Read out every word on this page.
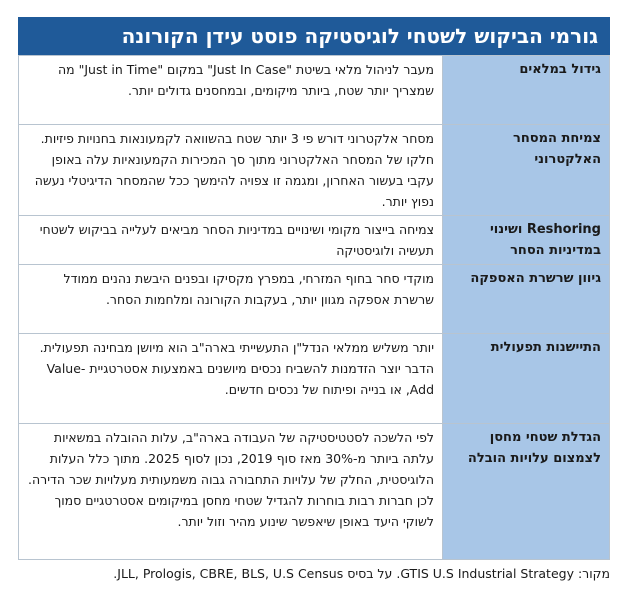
גורמי הביקוש לשטחי לוגיסטיקה פוסט עידן הקורונה
גידול במלאים	מעבר לניהול מלאי בשיטת "Just In Case" במקום "Just in Time" מה שמצריך יותר שטח, ביותר מיקומים, ובמחסנים גדולים יותר.
צמיחת המסחר האלקטרוני	מסחר אלקטרוני דורש פי 3 יותר שטח בהשוואה לקמעונאות בחנויות פיזיות. חלקו של המסחר האלקטרוני מתוך סך המכירות הקמעונאיות עלה באופן עקבי בעשור האחרון, ומגמה זו צפויה להימשך ככל שהמסחר הדיגיטלי נעשה נפוץ יותר.
Reshoring ושינוי במדיניות הסחר	צמיחה בייצור מקומי ושינויים במדיניות הסחר מביאים לעלייה בביקוש לשטחי תעשיה ולוגיסטיקה
גיוון שרשרת האספקה	מוקדי סחר בחוף המזרחי, במפרץ מקסיקו ובפנים היבשת נהנים ממודל שרשרת אספקה מגוון יותר, בעקבות הקורונה ומלחמות הסחר.
התיישנות תפעולית	יותר משליש ממלאי הנדל"ן התעשייתי בארה"ב הוא מיושן מבחינה תפעולית. הדבר יוצר הזדמנות להשביח נכסים מיושנים באמצעות אסטרטגיית Value-Add, או בנייה ופיתוח של נכסים חדשים.
הגדלת שטחי מחסן לצמצום עלויות הובלה	לפי הלשכה לסטטיסטיקה של העבודה בארה"ב, עלות ההובלה במשאיות עלתה ביותר מ-30% מאז סוף 2019, נכון לסוף 2025. מתוך כלל העלות הלוגיסטית, החלק של עלויות התחבורה גבוה משמעותית מעלויות שכר הדירה. לכן חברות רבות בוחרות להגדיל שטחי מחסן במיקומים אסטרטגיים סמוך לשוקי היעד באופן שיאפשר שינוע מהיר וזול יותר.
מקור: GTIS U.S Industrial Strategy. על בסיס JLL, Prologis, CBRE, BLS, U.S Census.
